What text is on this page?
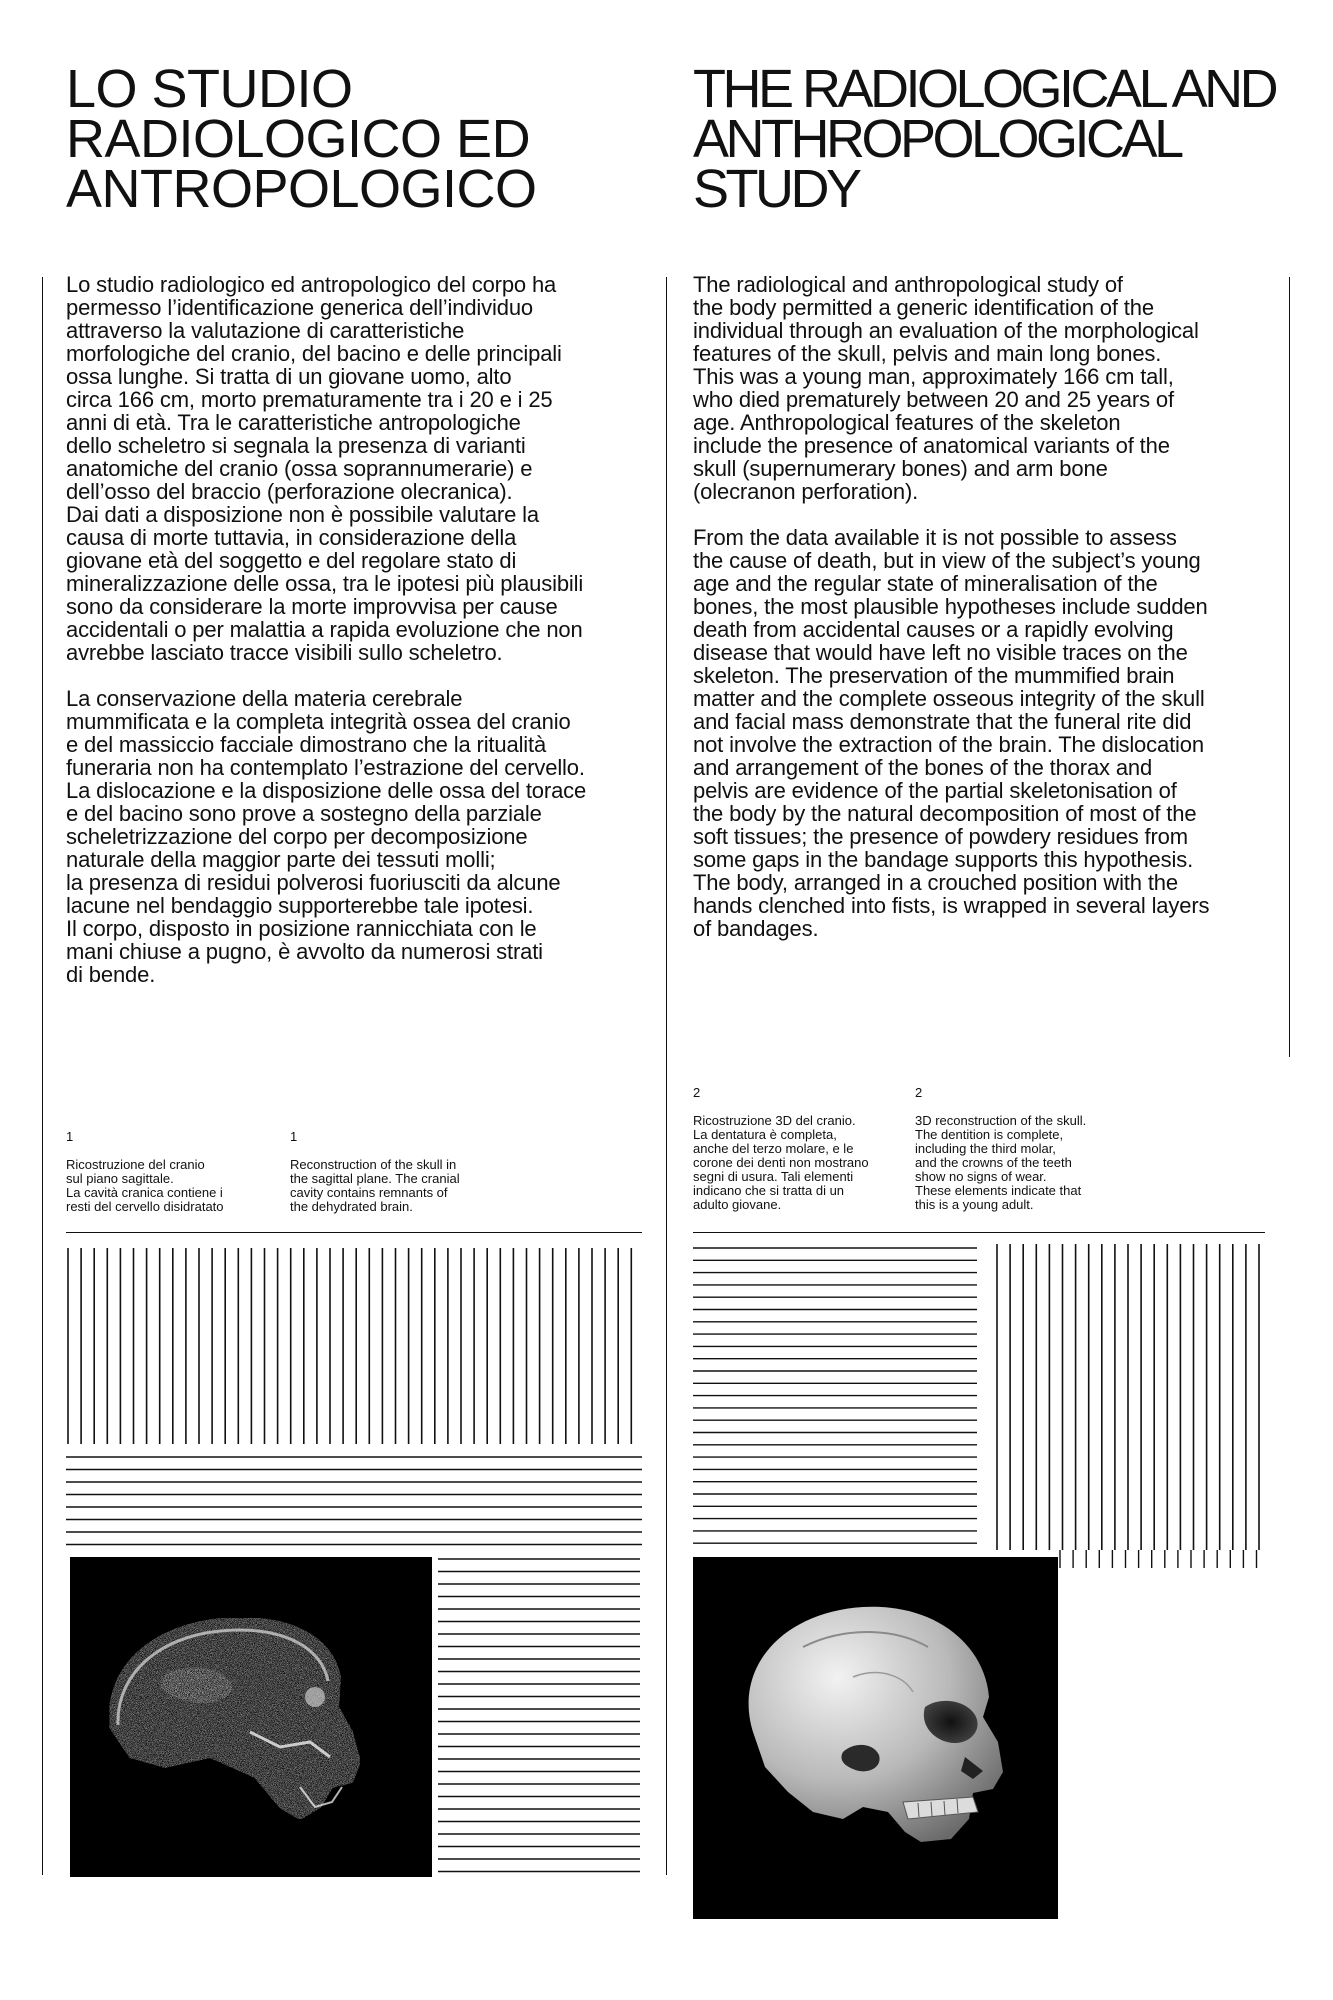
LO STUDIO
RADIOLOGICO ED
ANTROPOLOGICO
THE RADIOLOGICAL AND
ANTHROPOLOGICAL
STUDY

Lo studio radiologico ed antropologico del corpo ha
permesso l’identificazione generica dell’individuo
attraverso la valutazione di caratteristiche
morfologiche del cranio, del bacino e delle principali
ossa lunghe. Si tratta di un giovane uomo, alto
circa 166 cm, morto prematuramente tra i 20 e i 25
anni di età. Tra le caratteristiche antropologiche
dello scheletro si segnala la presenza di varianti
anatomiche del cranio (ossa soprannumerarie) e
dell’osso del braccio (perforazione olecranica).
Dai dati a disposizione non è possibile valutare la
causa di morte tuttavia, in considerazione della
giovane età del soggetto e del regolare stato di
mineralizzazione delle ossa, tra le ipotesi più plausibili
sono da considerare la morte improvvisa per cause
accidentali o per malattia a rapida evoluzione che non
avrebbe lasciato tracce visibili sullo scheletro.

La conservazione della materia cerebrale
mummificata e la completa integrità ossea del cranio
e del massiccio facciale dimostrano che la ritualità
funeraria non ha contemplato l’estrazione del cervello.
La dislocazione e la disposizione delle ossa del torace
e del bacino sono prove a sostegno della parziale
scheletrizzazione del corpo per decomposizione
naturale della maggior parte dei tessuti molli;
la presenza di residui polverosi fuoriusciti da alcune
lacune nel bendaggio supporterebbe tale ipotesi.
Il corpo, disposto in posizione rannicchiata con le
mani chiuse a pugno, è avvolto da numerosi strati
di bende.

The radiological and anthropological study of
the body permitted a generic identification of the
individual through an evaluation of the morphological
features of the skull, pelvis and main long bones.
This was a young man, approximately 166 cm tall,
who died prematurely between 20 and 25 years of
age. Anthropological features of the skeleton
include the presence of anatomical variants of the
skull (supernumerary bones) and arm bone
(olecranon perforation).

From the data available it is not possible to assess
the cause of death, but in view of the subject’s young
age and the regular state of mineralisation of the
bones, the most plausible hypotheses include sudden
death from accidental causes or a rapidly evolving
disease that would have left no visible traces on the
skeleton. The preservation of the mummified brain
matter and the complete osseous integrity of the skull
and facial mass demonstrate that the funeral rite did
not involve the extraction of the brain. The dislocation
and arrangement of the bones of the thorax and
pelvis are evidence of the partial skeletonisation of
the body by the natural decomposition of most of the
soft tissues; the presence of powdery residues from
some gaps in the bandage supports this hypothesis.
The body, arranged in a crouched position with the
hands clenched into fists, is wrapped in several layers
of bandages.

1

Ricostruzione del cranio
sul piano sagittale.
La cavità cranica contiene i
resti del cervello disidratato

1

Reconstruction of the skull in
the sagittal plane. The cranial
cavity contains remnants of
the dehydrated brain.

2

Ricostruzione 3D del cranio.
La dentatura è completa,
anche del terzo molare, e le
corone dei denti non mostrano
segni di usura. Tali elementi
indicano che si tratta di un
adulto giovane.

2

3D reconstruction of the skull.
The dentition is complete,
including the third molar,
and the crowns of the teeth
show no signs of wear.
These elements indicate that
this is a young adult.
